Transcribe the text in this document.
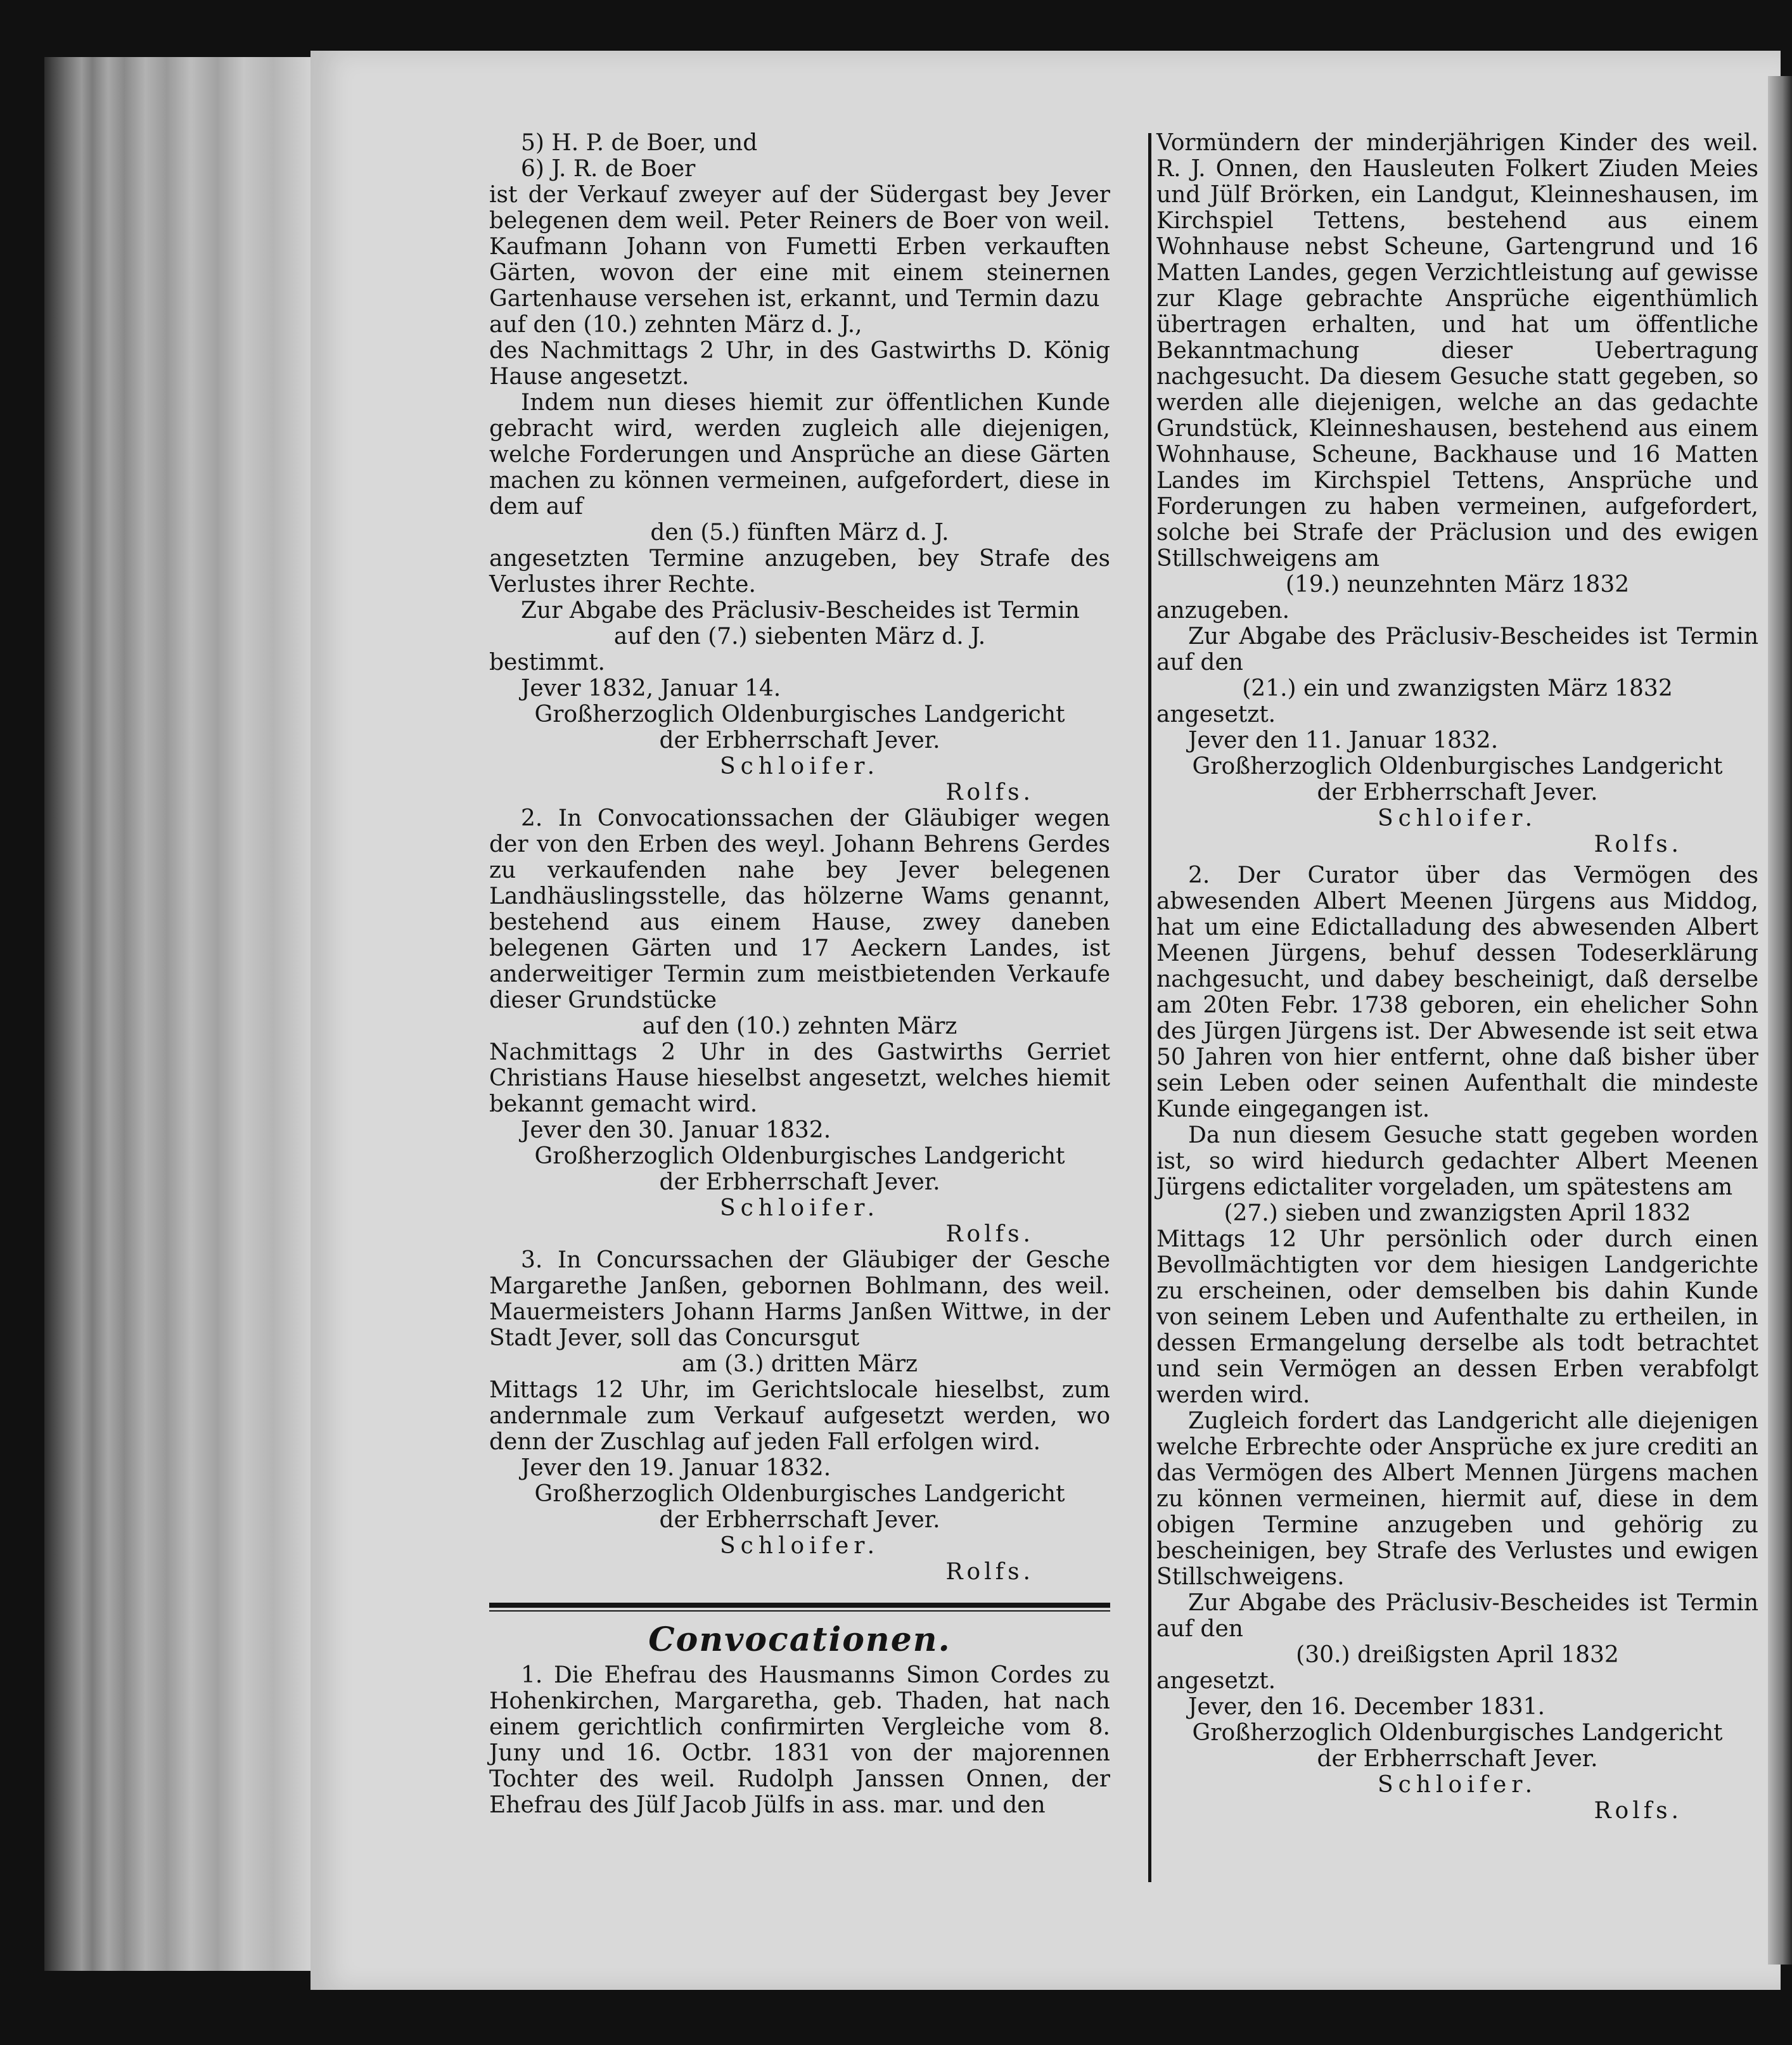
5) H. P. de Boer, und

6) J. R. de Boer

ist der Verkauf zweyer auf der Südergast bey Jever belegenen dem weil. Peter Reiners de Boer von weil. Kaufmann Johann von Fumetti Erben verkauften Gärten, wovon der eine mit einem steinernen Gartenhause versehen ist, erkannt, und Termin dazu

auf den (10.) zehnten März d. J.,

des Nachmittags 2 Uhr, in des Gastwirths D. König Hause angesetzt.

Indem nun dieses hiemit zur öffentlichen Kunde gebracht wird, werden zugleich alle diejenigen, welche Forderungen und Ansprüche an diese Gärten machen zu können vermeinen, aufgefordert, diese in dem auf

den (5.) fünften März d. J.

angesetzten Termine anzugeben, bey Strafe des Verlustes ihrer Rechte.

Zur Abgabe des Präclusiv-Bescheides ist Termin

auf den (7.) siebenten März d. J.

bestimmt.

Jever 1832, Januar 14.

Großherzoglich Oldenburgisches Landgericht

der Erbherrschaft Jever.

Schloifer.

Rolfs.

2. In Convocationssachen der Gläubiger wegen der von den Erben des weyl. Johann Behrens Gerdes zu verkaufenden nahe bey Jever belegenen Landhäuslingsstelle, das hölzerne Wams genannt, bestehend aus einem Hause, zwey daneben belegenen Gärten und 17 Aeckern Landes, ist anderweitiger Termin zum meistbietenden Verkaufe dieser Grundstücke

auf den (10.) zehnten März

Nachmittags 2 Uhr in des Gastwirths Gerriet Christians Hause hieselbst angesetzt, welches hiemit bekannt gemacht wird.

Jever den 30. Januar 1832.

Großherzoglich Oldenburgisches Landgericht

der Erbherrschaft Jever.

Schloifer.

Rolfs.

3. In Concurssachen der Gläubiger der Gesche Margarethe Janßen, gebornen Bohlmann, des weil. Mauermeisters Johann Harms Janßen Wittwe, in der Stadt Jever, soll das Concursgut

am (3.) dritten März

Mittags 12 Uhr, im Gerichtslocale hieselbst, zum andernmale zum Verkauf aufgesetzt werden, wo denn der Zuschlag auf jeden Fall erfolgen wird.

Jever den 19. Januar 1832.

Großherzoglich Oldenburgisches Landgericht

der Erbherrschaft Jever.

Schloifer.

Rolfs.

Convocationen.

1. Die Ehefrau des Hausmanns Simon Cordes zu Hohenkirchen, Margaretha, geb. Thaden, hat nach einem gerichtlich confirmirten Vergleiche vom 8. Juny und 16. Octbr. 1831 von der majorennen Tochter des weil. Rudolph Janssen Onnen, der Ehefrau des Jülf Jacob Jülfs in ass. mar. und den

Vormündern der minderjährigen Kinder des weil. R. J. Onnen, den Hausleuten Folkert Ziuden Meies und Jülf Brörken, ein Landgut, Kleinneshausen, im Kirchspiel Tettens, bestehend aus einem Wohnhause nebst Scheune, Gartengrund und 16 Matten Landes, gegen Verzichtleistung auf gewisse zur Klage gebrachte Ansprüche eigenthümlich übertragen erhalten, und hat um öffentliche Bekanntmachung dieser Uebertragung nachgesucht. Da diesem Gesuche statt gegeben, so werden alle diejenigen, welche an das gedachte Grundstück, Kleinneshausen, bestehend aus einem Wohnhause, Scheune, Backhause und 16 Matten Landes im Kirchspiel Tettens, Ansprüche und Forderungen zu haben vermeinen, aufgefordert, solche bei Strafe der Präclusion und des ewigen Stillschweigens am

(19.) neunzehnten März 1832

anzugeben.

Zur Abgabe des Präclusiv-Bescheides ist Termin auf den

(21.) ein und zwanzigsten März 1832

angesetzt.

Jever den 11. Januar 1832.

Großherzoglich Oldenburgisches Landgericht

der Erbherrschaft Jever.

Schloifer.

Rolfs.

2. Der Curator über das Vermögen des abwesenden Albert Meenen Jürgens aus Middog, hat um eine Edictalladung des abwesenden Albert Meenen Jürgens, behuf dessen Todeserklärung nachgesucht, und dabey bescheinigt, daß derselbe am 20ten Febr. 1738 geboren, ein ehelicher Sohn des Jürgen Jürgens ist. Der Abwesende ist seit etwa 50 Jahren von hier entfernt, ohne daß bisher über sein Leben oder seinen Aufenthalt die mindeste Kunde eingegangen ist.

Da nun diesem Gesuche statt gegeben worden ist, so wird hiedurch gedachter Albert Meenen Jürgens edictaliter vorgeladen, um spätestens am

(27.) sieben und zwanzigsten April 1832

Mittags 12 Uhr persönlich oder durch einen Bevollmächtigten vor dem hiesigen Landgerichte zu erscheinen, oder demselben bis dahin Kunde von seinem Leben und Aufenthalte zu ertheilen, in dessen Ermangelung derselbe als todt betrachtet und sein Vermögen an dessen Erben verabfolgt werden wird.

Zugleich fordert das Landgericht alle diejenigen welche Erbrechte oder Ansprüche ex jure crediti an das Vermögen des Albert Mennen Jürgens machen zu können vermeinen, hiermit auf, diese in dem obigen Termine anzugeben und gehörig zu bescheinigen, bey Strafe des Verlustes und ewigen Stillschweigens.

Zur Abgabe des Präclusiv-Bescheides ist Termin auf den

(30.) dreißigsten April 1832

angesetzt.

Jever, den 16. December 1831.

Großherzoglich Oldenburgisches Landgericht

der Erbherrschaft Jever.

Schloifer.

Rolfs.
